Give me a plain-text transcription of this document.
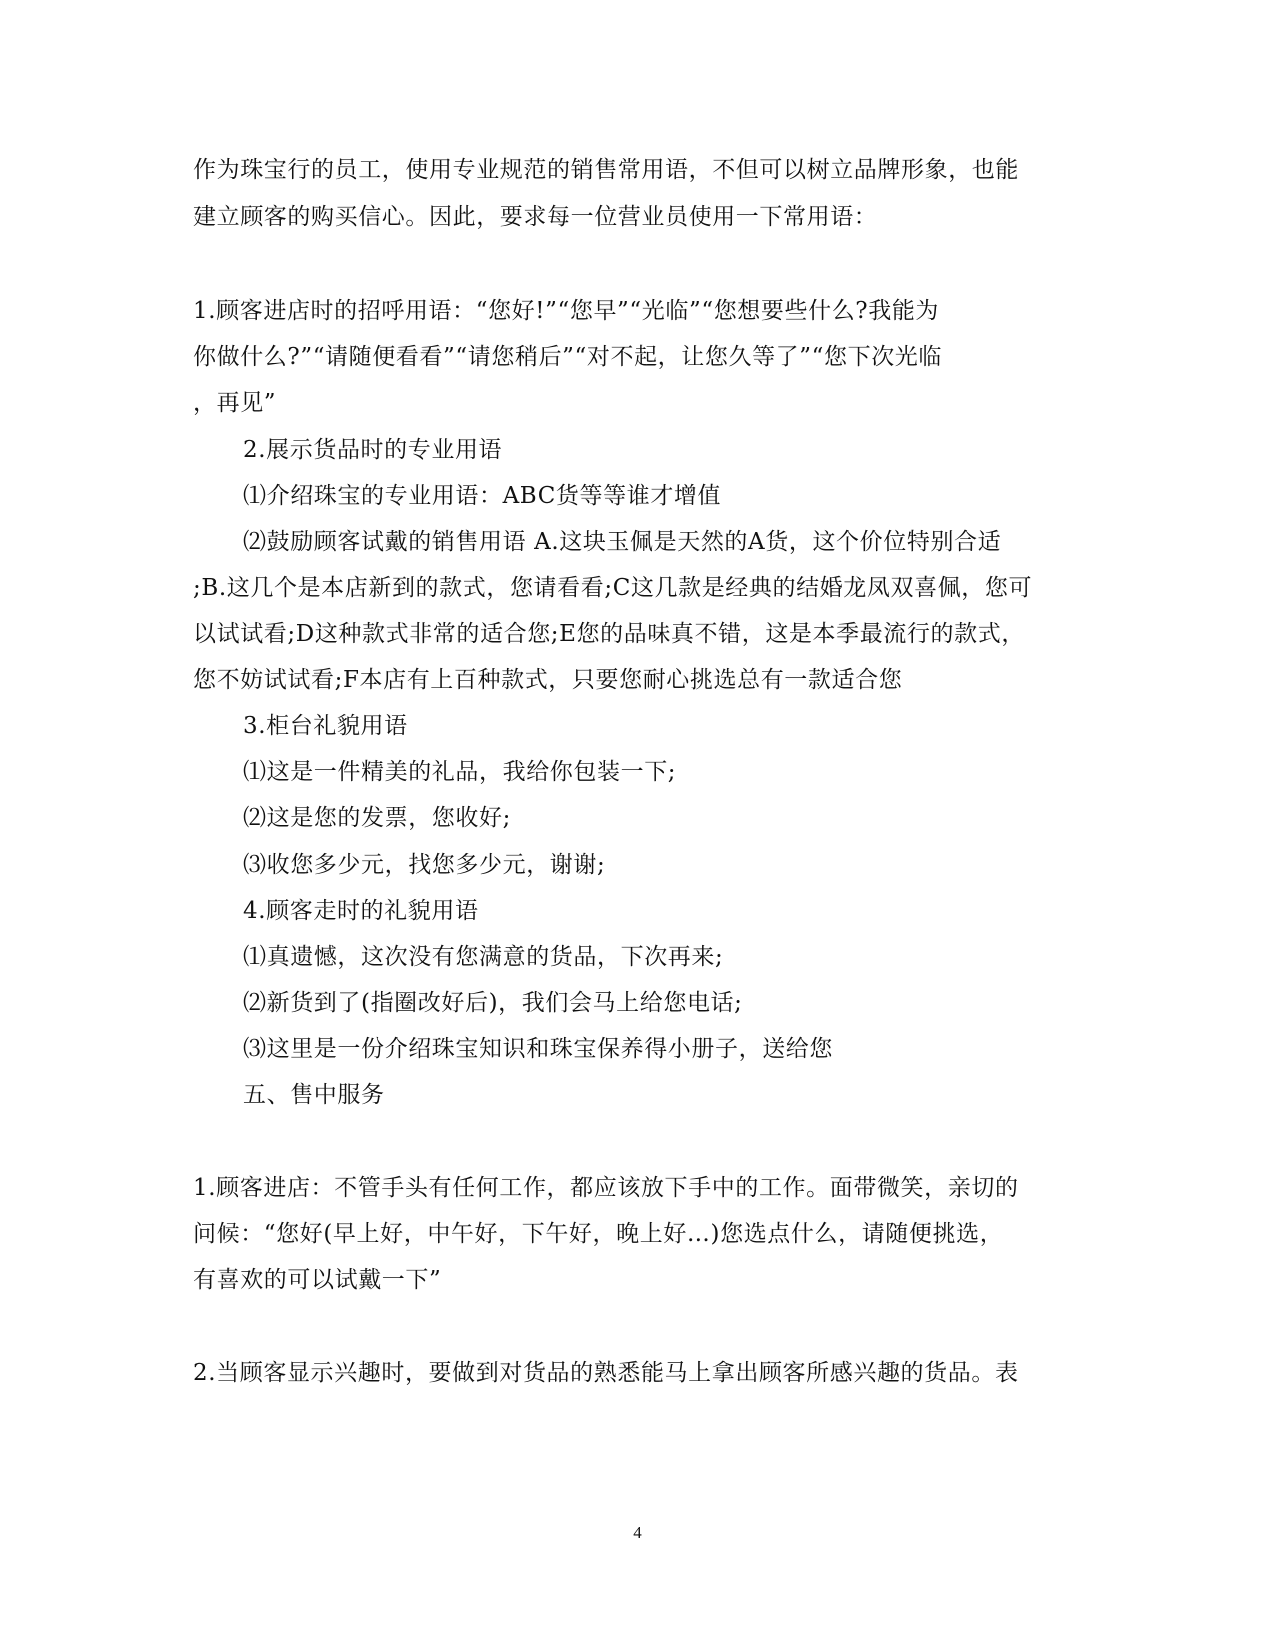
作为珠宝行的员工，使用专业规范的销售常用语，不但可以树立品牌形象，也能
建立顾客的购买信心。因此，要求每一位营业员使用一下常用语：
1.顾客进店时的招呼用语：“您好!”“您早”“光临”“您想要些什么?我能为
你做什么?”“请随便看看”“请您稍后”“对不起，让您久等了”“您下次光临
，再见”
2.展示货品时的专业用语
⑴介绍珠宝的专业用语：ABC货等等谁才增值
⑵鼓励顾客试戴的销售用语 A.这块玉佩是天然的A货，这个价位特别合适
;B.这几个是本店新到的款式，您请看看;C这几款是经典的结婚龙凤双喜佩，您可
以试试看;D这种款式非常的适合您;E您的品味真不错，这是本季最流行的款式，
您不妨试试看;F本店有上百种款式，只要您耐心挑选总有一款适合您
3.柜台礼貌用语
⑴这是一件精美的礼品，我给你包装一下;
⑵这是您的发票，您收好;
⑶收您多少元，找您多少元，谢谢;
4.顾客走时的礼貌用语
⑴真遗憾，这次没有您满意的货品，下次再来;
⑵新货到了(指圈改好后)，我们会马上给您电话;
⑶这里是一份介绍珠宝知识和珠宝保养得小册子，送给您
五、售中服务
1.顾客进店：不管手头有任何工作，都应该放下手中的工作。面带微笑，亲切的
问候：“您好(早上好，中午好，下午好，晚上好…)您选点什么，请随便挑选，
有喜欢的可以试戴一下”
2.当顾客显示兴趣时，要做到对货品的熟悉能马上拿出顾客所感兴趣的货品。表
4
